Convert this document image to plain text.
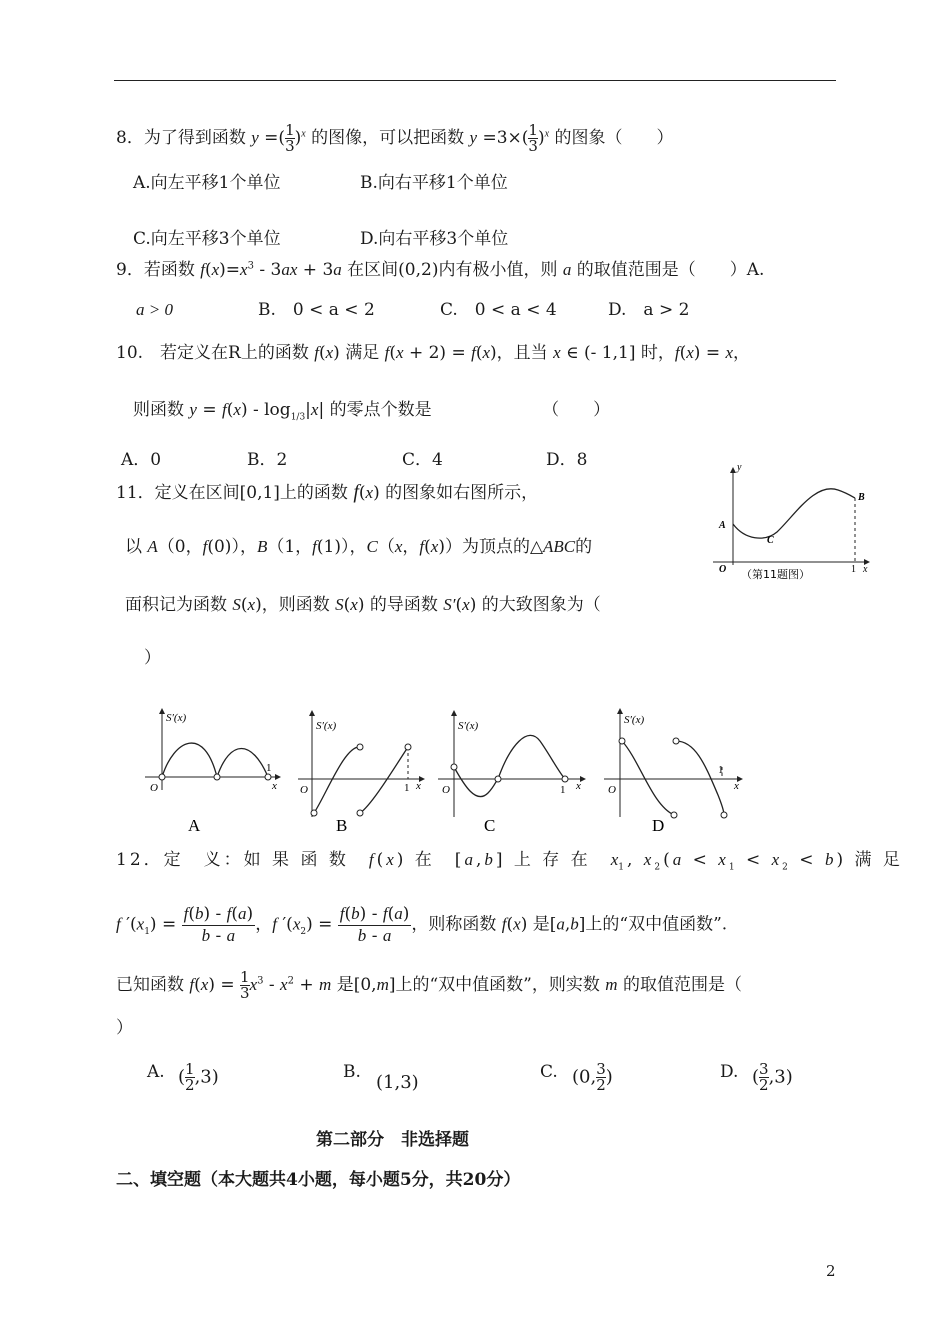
8．为了得到函数 y =( $\frac{1}{3} )^x$ 的图像，可以把函数 $y =3\times( \frac{1}{3} )^x$ 的图象（　　）
A.向左平移1个单位	B.向右平移1个单位
C.向左平移3个单位	D.向右平移3个单位
9．若函数 $f(x)=x^3 - 3ax + 3a$ 在区间(0,2)内有极小值，则 a 的取值范围是（　　）A.
a > 0	B.　0 < a < 2	C.　0 < a < 4	D.　a > 2
10.　若定义在R上的函数 f(x) 满足 f(x + 2) = f(x)，且当 x ∈ (- 1,1] 时，f(x) = x，
则函数 $y = f(x) - \log_{1/3}|x|$ 的零点个数是　　　　　　　（　　）
A．0	B．2	C．4	D．8
11．定义在区间[0,1]上的函数 f(x) 的图象如右图所示，
以 A（0，f(0)），B（1，f(1)），C（x，f(x)）为顶点的△ABC的
面积记为函数 S(x)，则函数 S(x) 的导函数 S′(x) 的大致图象为（
）
y
x
O
A
B
C
1
（第11题图）
S′(x)
O	x
1
A
S′(x)
O	x
1
B
S′(x)
O	x
1
C
S′(x)
O	x
1
D
12．定　义：如 果 函 数　f(x) 在　[a,b] 上 存 在　$x_1$, $x_2(a < x_1 < x_2 < b)$ 满 足
f $'(x_1) = \frac{f(b) - f(a)}{b - a}$ ，f $'(x_2) = \frac{f(b) - f(a)}{b - a}$ ，则称函数 f(x) 是[a,b]上的“双中值函数”.
已知函数 $f(x) = \frac{1}{3} x^3 - x^2 + m$ 是[0,m]上的“双中值函数”，则实数 m 的取值范围是（
）
A. ( $\frac{1}{2} ,3$)	B. (1,3)	C. (0, $\frac{3}{2}$ )	D. ( $\frac{3}{2} ,3$)
第二部分　非选择题
二、填空题（本大题共4小题，每小题5分，共20分）
2
